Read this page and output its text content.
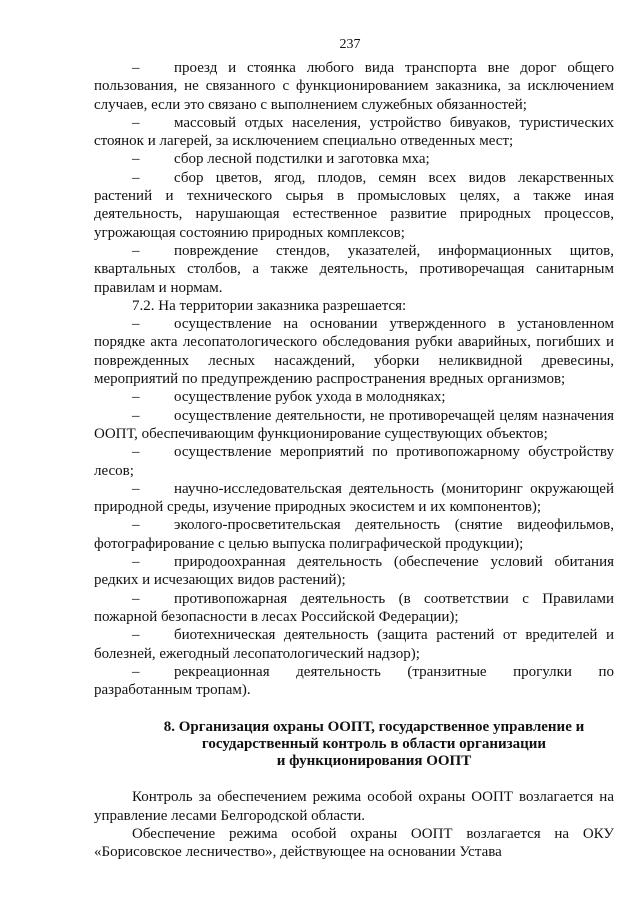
237

– проезд и стоянка любого вида транспорта вне дорог общего пользования, не связанного с функционированием заказника, за исключением случаев, если это связано с выполнением служебных обязанностей;

– массовый отдых населения, устройство бивуаков, туристических стоянок и лагерей, за исключением специально отведенных мест;

– сбор лесной подстилки и заготовка мха;

– сбор цветов, ягод, плодов, семян всех видов лекарственных растений и технического сырья в промысловых целях, а также иная деятельность, нарушающая естественное развитие природных процессов, угрожающая состоянию природных комплексов;

– повреждение стендов, указателей, информационных щитов, квартальных столбов, а также деятельность, противоречащая санитарным правилам и нормам.

7.2. На территории заказника разрешается:

– осуществление на основании утвержденного в установленном порядке акта лесопатологического обследования рубки аварийных, погибших и поврежденных лесных насаждений, уборки неликвидной древесины, мероприятий по предупреждению распространения вредных организмов;

– осуществление рубок ухода в молодняках;

– осуществление деятельности, не противоречащей целям назначения ООПТ, обеспечивающим функционирование существующих объектов;

– осуществление мероприятий по противопожарному обустройству лесов;

– научно-исследовательская деятельность (мониторинг окружающей природной среды, изучение природных экосистем и их компонентов);

– эколого-просветительская деятельность (снятие видеофильмов, фотографирование с целью выпуска полиграфической продукции);

– природоохранная деятельность (обеспечение условий обитания редких и исчезающих видов растений);

– противопожарная деятельность (в соответствии с Правилами пожарной безопасности в лесах Российской Федерации);

– биотехническая деятельность (защита растений от вредителей и болезней, ежегодный лесопатологический надзор);

– рекреационная деятельность (транзитные прогулки по разработанным тропам).

8. Организация охраны ООПТ, государственное управление и
государственный контроль в области организации
и функционирования ООПТ

Контроль за обеспечением режима особой охраны ООПТ возлагается на управление лесами Белгородской области.

Обеспечение режима особой охраны ООПТ возлагается на ОКУ «Борисовское лесничество», действующее на основании Устава
